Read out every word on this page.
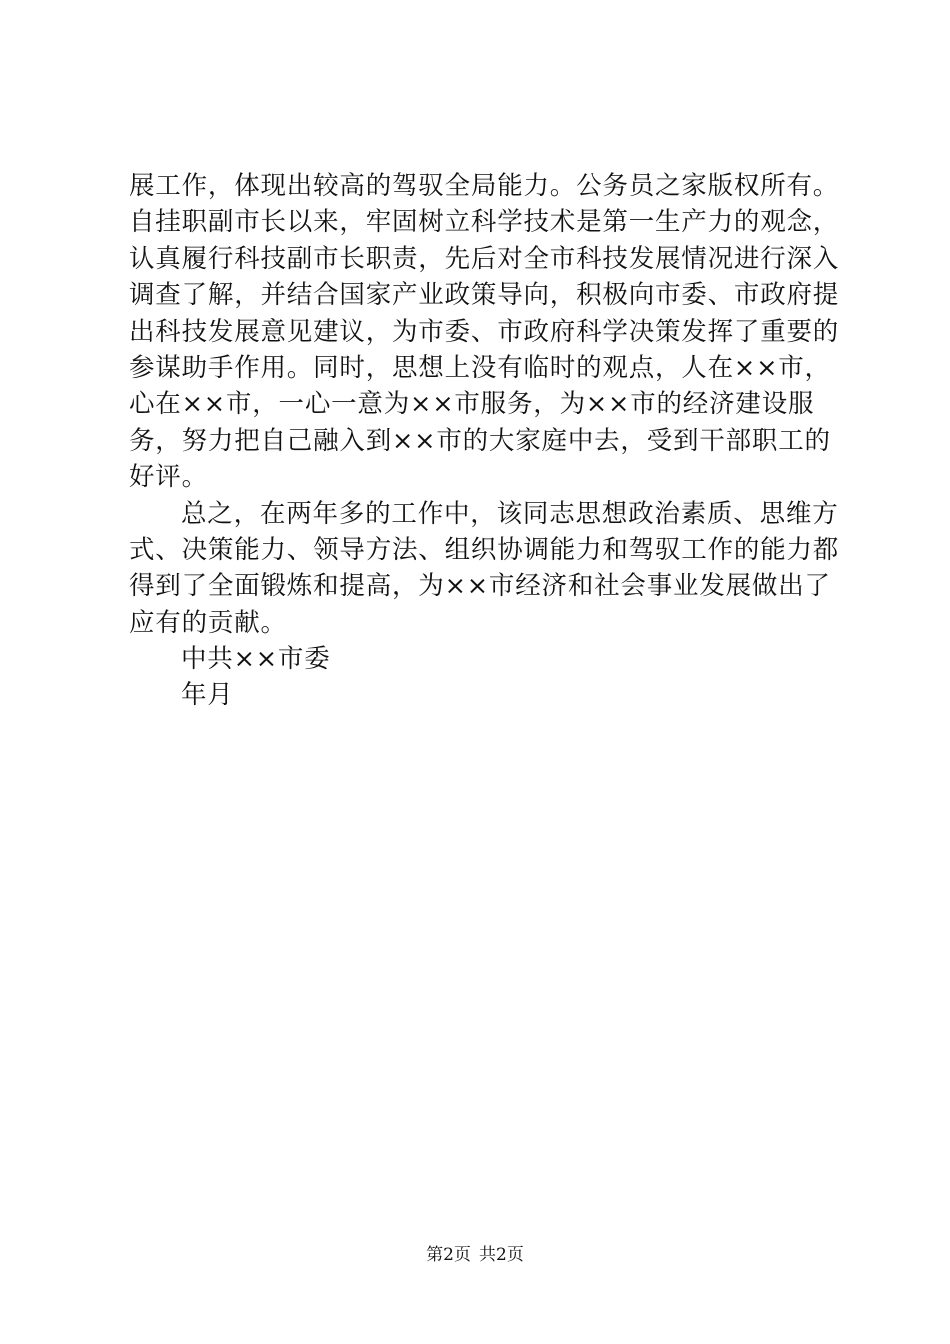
展工作，体现出较高的驾驭全局能力。公务员之家版权所有。
自挂职副市长以来，牢固树立科学技术是第一生产力的观念，
认真履行科技副市长职责，先后对全市科技发展情况进行深入
调查了解，并结合国家产业政策导向，积极向市委、市政府提
出科技发展意见建议，为市委、市政府科学决策发挥了重要的
参谋助手作用。同时，思想上没有临时的观点，人在××市，
心在××市，一心一意为××市服务，为××市的经济建设服
务，努力把自己融入到××市的大家庭中去，受到干部职工的
好评。
总之，在两年多的工作中，该同志思想政治素质、思维方
式、决策能力、领导方法、组织协调能力和驾驭工作的能力都
得到了全面锻炼和提高，为××市经济和社会事业发展做出了
应有的贡献。
中共××市委
年月
第2页 共2页
